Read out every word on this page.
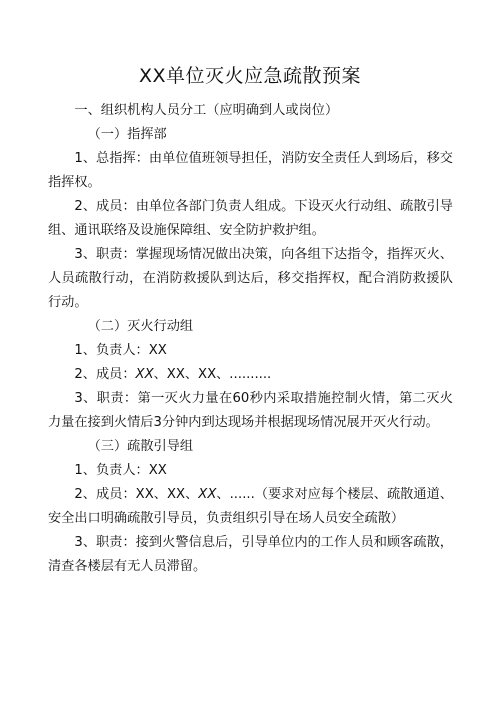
XX单位灭火应急疏散预案

一、组织机构人员分工（应明确到人或岗位）

（一）指挥部

1、总指挥：由单位值班领导担任，消防安全责任人到场后，移交指挥权。

2、成员：由单位各部门负责人组成。下设灭火行动组、疏散引导组、通讯联络及设施保障组、安全防护救护组。

3、职责：掌握现场情况做出决策，向各组下达指令，指挥灭火、人员疏散行动，在消防救援队到达后，移交指挥权，配合消防救援队行动。

（二）灭火行动组

1、负责人：XX

2、成员：XX、XX、XX、..........

3、职责：第一灭火力量在60秒内采取措施控制火情，第二灭火力量在接到火情后3分钟内到达现场并根据现场情况展开灭火行动。

（三）疏散引导组

1、负责人：XX

2、成员：XX、XX、XX、......（要求对应每个楼层、疏散通道、安全出口明确疏散引导员，负责组织引导在场人员安全疏散）

3、职责：接到火警信息后，引导单位内的工作人员和顾客疏散，清查各楼层有无人员滞留。
